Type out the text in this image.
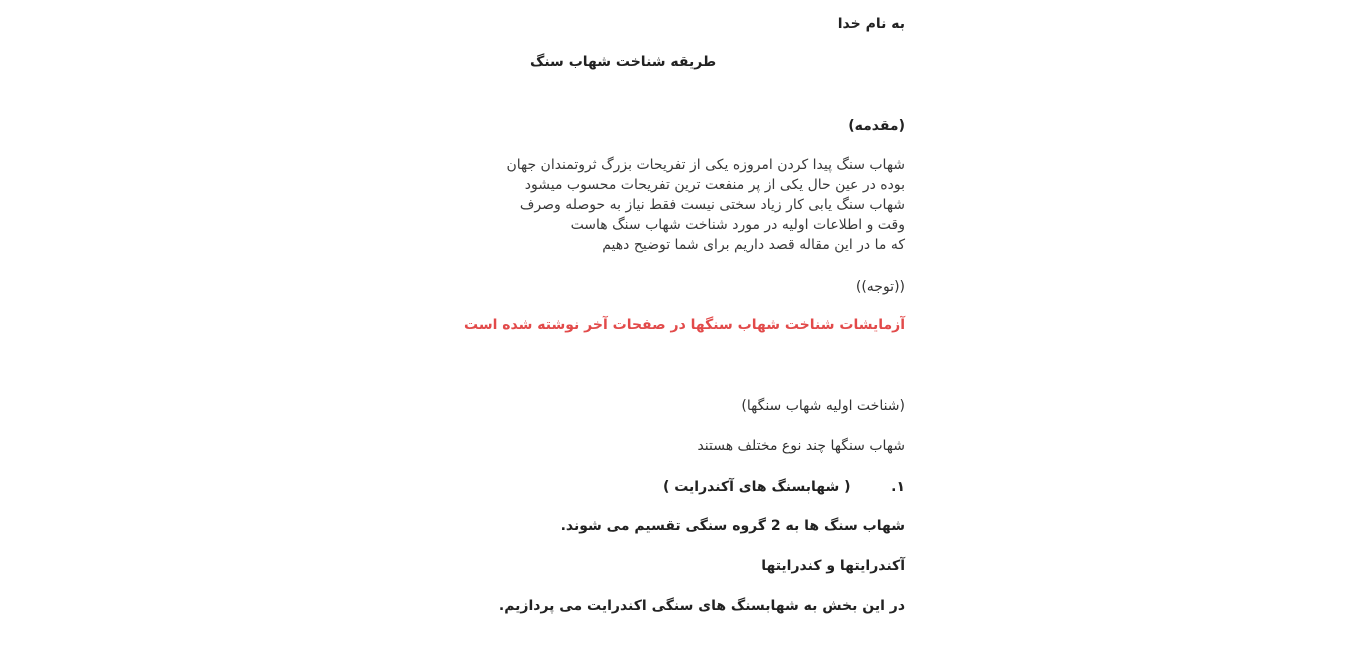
به نام خدا
طریقه شناخت شهاب سنگ
(مقدمه)
شهاب سنگ پیدا کردن امروزه یکی از تفریحات بزرگ ثروتمندان جهان
بوده در عین حال یکی از پر منفعت ترین تفریحات محسوب میشود
شهاب سنگ یابی کار زیاد سختی نیست فقط نیاز به حوصله وصرف
وقت و اطلاعات اولیه در مورد شناخت شهاب سنگ هاست
که ما در این مقاله قصد داریم برای شما توضیح دهیم
((توجه))
آزمایشات شناخت شهاب سنگها در صفحات آخر نوشته شده است
(شناخت اولیه شهاب سنگها)
شهاب سنگها چند نوع مختلف هستند
۱. ( شهابسنگ های آکندرایت )
شهاب سنگ ها به 2 گروه سنگی تقسیم می شوند.
آکندرایتها و کندرایتها
در این بخش به شهابسنگ های سنگی اکندرایت می پردازیم.
